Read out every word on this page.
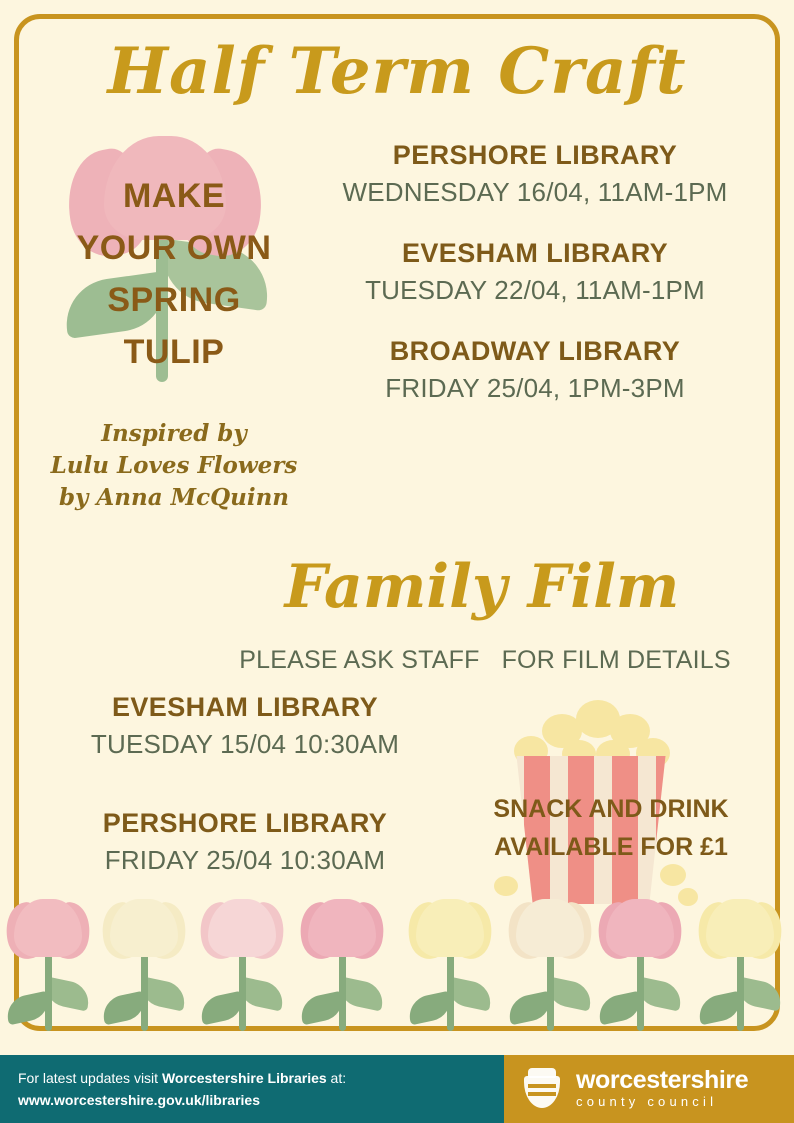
Half Term Craft
MAKE
YOUR OWN
SPRING
TULIP
Inspired by
Lulu Loves Flowers
by Anna McQuinn
PERSHORE LIBRARY
WEDNESDAY 16/04, 11AM-1PM
EVESHAM LIBRARY
TUESDAY 22/04, 11AM-1PM
BROADWAY LIBRARY
FRIDAY 25/04, 1PM-3PM
Family Film
PLEASE ASK STAFF FOR FILM DETAILS
EVESHAM LIBRARY
TUESDAY 15/04 10:30AM
PERSHORE LIBRARY
FRIDAY 25/04 10:30AM
SNACK AND DRINK
AVAILABLE FOR £1
For latest updates visit Worcestershire Libraries at:
www.worcestershire.gov.uk/libraries
worcestershire
county council
